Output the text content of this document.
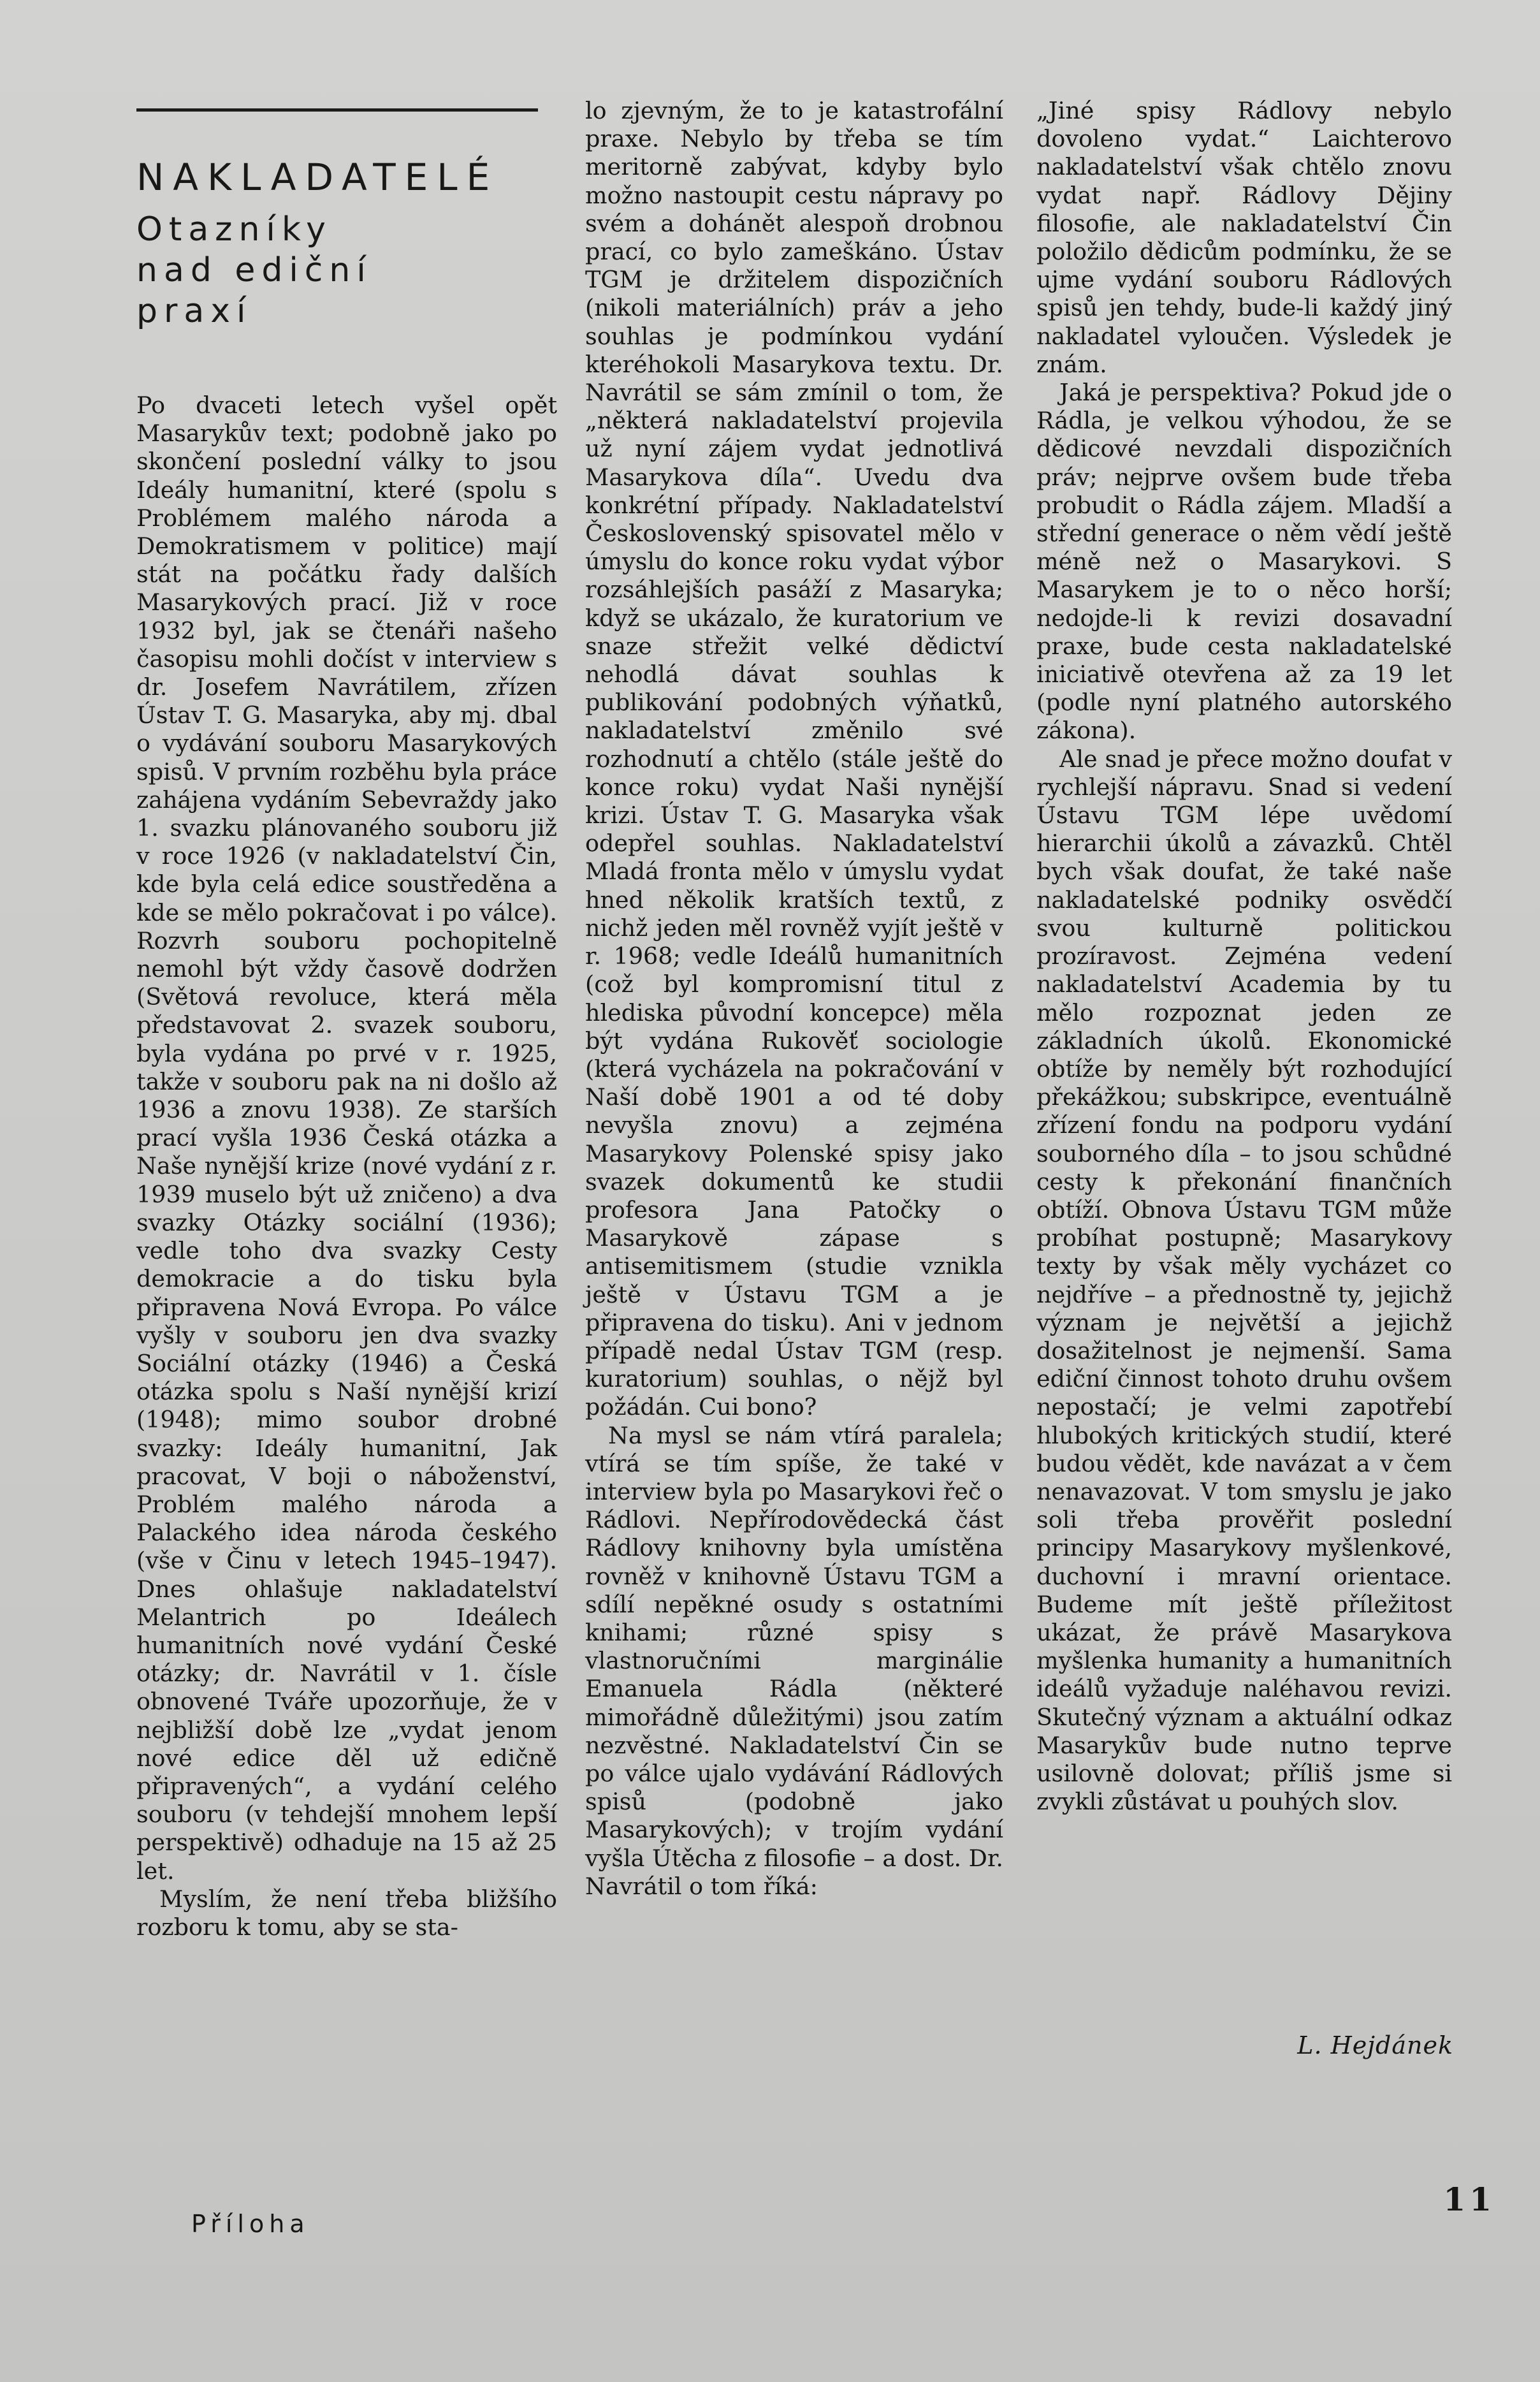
NAKLADATELÉ
Otazníky
nad ediční
praxí

Po dvaceti letech vyšel opět Masarykův text; podobně jako po skončení poslední války to jsou Ideály humanitní, které (spolu s Problémem malého národa a Demokratismem v politice) mají stát na počátku řady dalších Masarykových prací. Již v roce 1932 byl, jak se čtenáři našeho časopisu mohli dočíst v interview s dr. Josefem Navrátilem, zřízen Ústav T. G. Masaryka, aby mj. dbal o vydávání souboru Masarykových spisů. V prvním rozběhu byla práce zahájena vydáním Sebevraždy jako 1. svazku plánovaného souboru již v roce 1926 (v nakladatelství Čin, kde byla celá edice soustředěna a kde se mělo pokračovat i po válce). Rozvrh souboru pochopitelně nemohl být vždy časově dodržen (Světová revoluce, která měla představovat 2. svazek souboru, byla vydána po prvé v r. 1925, takže v souboru pak na ni došlo až 1936 a znovu 1938). Ze starších prací vyšla 1936 Česká otázka a Naše nynější krize (nové vydání z r. 1939 muselo být už zničeno) a dva svazky Otázky sociální (1936); vedle toho dva svazky Cesty demokracie a do tisku byla připravena Nová Evropa. Po válce vyšly v souboru jen dva svazky Sociální otázky (1946) a Česká otázka spolu s Naší nynější krizí (1948); mimo soubor drobné svazky: Ideály humanitní, Jak pracovat, V boji o náboženství, Problém malého národa a Palackého idea národa českého (vše v Činu v letech 1945–1947). Dnes ohlašuje nakladatelství Melantrich po Ideálech humanitních nové vydání České otázky; dr. Navrátil v 1. čísle obnovené Tváře upozorňuje, že v nejbližší době lze „vydat jenom nové edice děl už edičně připravených“, a vydání celého souboru (v tehdejší mnohem lepší perspektivě) odhaduje na 15 až 25 let.

Myslím, že není třeba bližšího rozboru k tomu, aby se sta-

lo zjevným, že to je katastrofální praxe. Nebylo by třeba se tím meritorně zabývat, kdyby bylo možno nastoupit cestu nápravy po svém a dohánět alespoň drobnou prací, co bylo zameškáno. Ústav TGM je držitelem dispozičních (nikoli materiálních) práv a jeho souhlas je podmínkou vydání kteréhokoli Masarykova textu. Dr. Navrátil se sám zmínil o tom, že „některá nakladatelství projevila už nyní zájem vydat jednotlivá Masarykova díla“. Uvedu dva konkrétní případy. Nakladatelství Československý spisovatel mělo v úmyslu do konce roku vydat výbor rozsáhlejších pasáží z Masaryka; když se ukázalo, že kuratorium ve snaze střežit velké dědictví nehodlá dávat souhlas k publikování podobných výňatků, nakladatelství změnilo své rozhodnutí a chtělo (stále ještě do konce roku) vydat Naši nynější krizi. Ústav T. G. Masaryka však odepřel souhlas. Nakladatelství Mladá fronta mělo v úmyslu vydat hned několik kratších textů, z nichž jeden měl rovněž vyjít ještě v r. 1968; vedle Ideálů humanitních (což byl kompromisní titul z hlediska původní koncepce) měla být vydána Rukověť sociologie (která vycházela na pokračování v Naší době 1901 a od té doby nevyšla znovu) a zejména Masarykovy Polenské spisy jako svazek dokumentů ke studii profesora Jana Patočky o Masarykově zápase s antisemitismem (studie vznikla ještě v Ústavu TGM a je připravena do tisku). Ani v jednom případě nedal Ústav TGM (resp. kuratorium) souhlas, o nějž byl požádán. Cui bono?

Na mysl se nám vtírá paralela; vtírá se tím spíše, že také v interview byla po Masarykovi řeč o Rádlovi. Nepřírodovědecká část Rádlovy knihovny byla umístěna rovněž v knihovně Ústavu TGM a sdílí nepěkné osudy s ostatními knihami; různé spisy s vlastnoručními marginálie Emanuela Rádla (některé mimořádně důležitými) jsou zatím nezvěstné. Nakladatelství Čin se po válce ujalo vydávání Rádlových spisů (podobně jako Masarykových); v trojím vydání vyšla Útěcha z filosofie – a dost. Dr. Navrátil o tom říká:

„Jiné spisy Rádlovy nebylo dovoleno vydat.“ Laichterovo nakladatelství však chtělo znovu vydat např. Rádlovy Dějiny filosofie, ale nakladatelství Čin položilo dědicům podmínku, že se ujme vydání souboru Rádlových spisů jen tehdy, bude-li každý jiný nakladatel vyloučen. Výsledek je znám.

Jaká je perspektiva? Pokud jde o Rádla, je velkou výhodou, že se dědicové nevzdali dispozičních práv; nejprve ovšem bude třeba probudit o Rádla zájem. Mladší a střední generace o něm vědí ještě méně než o Masarykovi. S Masarykem je to o něco horší; nedojde-li k revizi dosavadní praxe, bude cesta nakladatelské iniciativě otevřena až za 19 let (podle nyní platného autorského zákona).

Ale snad je přece možno doufat v rychlejší nápravu. Snad si vedení Ústavu TGM lépe uvědomí hierarchii úkolů a závazků. Chtěl bych však doufat, že také naše nakladatelské podniky osvědčí svou kulturně politickou prozíravost. Zejména vedení nakladatelství Academia by tu mělo rozpoznat jeden ze základních úkolů. Ekonomické obtíže by neměly být rozhodující překážkou; subskripce, eventuálně zřízení fondu na podporu vydání souborného díla – to jsou schůdné cesty k překonání finančních obtíží. Obnova Ústavu TGM může probíhat postupně; Masarykovy texty by však měly vycházet co nejdříve – a přednostně ty, jejichž význam je největší a jejichž dosažitelnost je nejmenší. Sama ediční činnost tohoto druhu ovšem nepostačí; je velmi zapotřebí hlubokých kritických studií, které budou vědět, kde navázat a v čem nenavazovat. V tom smyslu je jako soli třeba prověřit poslední principy Masarykovy myšlenkové, duchovní i mravní orientace. Budeme mít ještě příležitost ukázat, že právě Masarykova myšlenka humanity a humanitních ideálů vyžaduje naléhavou revizi. Skutečný význam a aktuální odkaz Masarykův bude nutno teprve usilovně dolovat; příliš jsme si zvykli zůstávat u pouhých slov.

L. Hejdánek
Příloha
11
